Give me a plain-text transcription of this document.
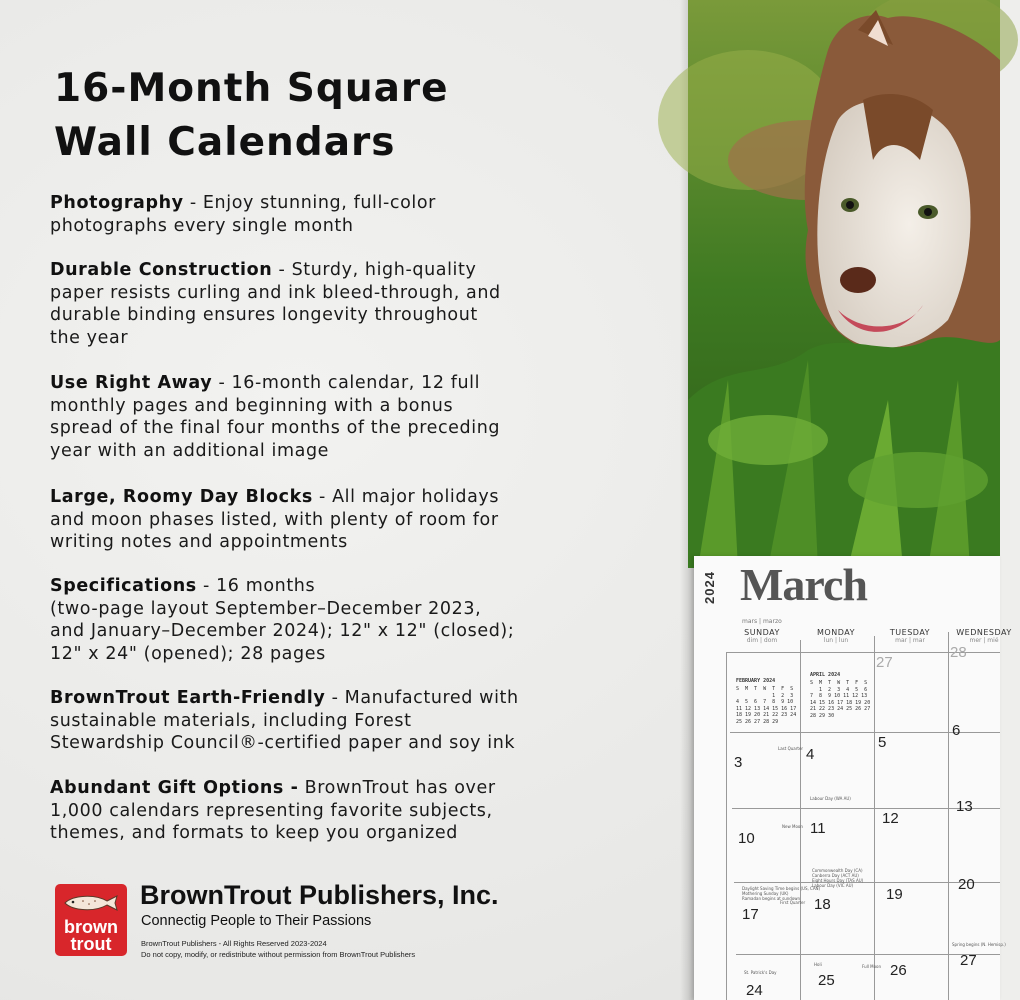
16-Month Square
Wall Calendars
Photography - Enjoy stunning, full-color
photographs every single month
Durable Construction - Sturdy, high-quality
paper resists curling and ink bleed-through, and
durable binding ensures longevity throughout
the year
Use Right Away - 16-month calendar, 12 full
monthly pages and beginning with a bonus
spread of the final four months of the preceding
year with an additional image
Large, Roomy Day Blocks - All major holidays
and moon phases listed, with plenty of room for
writing notes and appointments
Specifications - 16 months
(two-page layout September–December 2023,
and January–December 2024); 12" x 12" (closed);
12" x 24" (opened); 28 pages
BrownTrout Earth-Friendly - Manufactured with
sustainable materials, including Forest
Stewardship Council®-certified paper and soy ink
Abundant Gift Options - BrownTrout has over
1,000 calendars representing favorite subjects,
themes, and formats to keep you organized
brown
trout
BrownTrout Publishers, Inc.
Connectig People to Their Passions
BrownTrout Publishers - All Rights Reserved 2023-2024
Do not copy, modify, or redistribute without permission from BrownTrout Publishers
2024 March
mars | marzo
SUNDAY
dim | dom
MONDAY
lun | lun
TUESDAY
mar | mar
WEDNESDAY
mer | mié
FEBRUARY 2024
S  M  T  W  T  F  S
1  2  3
4  5  6  7  8  9 10
11 12 13 14 15 16 17
18 19 20 21 22 23 24
25 26 27 28 29
APRIL 2024
S  M  T  W  T  F  S
1  2  3  4  5  6
7  8  9 10 11 12 13
14 15 16 17 18 19 20
21 22 23 24 25 26 27
28 29 30
27
28
3	4
5
6
10
11
12
13
17
18
19
20
24
25
26
27
Last Quarter
Labour Day (WA AU)
New Moon
Commonwealth Day (CA)
Canberra Day (ACT AU)
Eight Hours Day (TAS AU)
Labour Day (VIC AU)
Daylight Saving Time begins (US, CAN)
Mothering Sunday (UK)
Ramadan begins at sundown
First Quarter
St. Patrick's Day
Spring begins (N. Hemisp.)
Holi	Full Moon
